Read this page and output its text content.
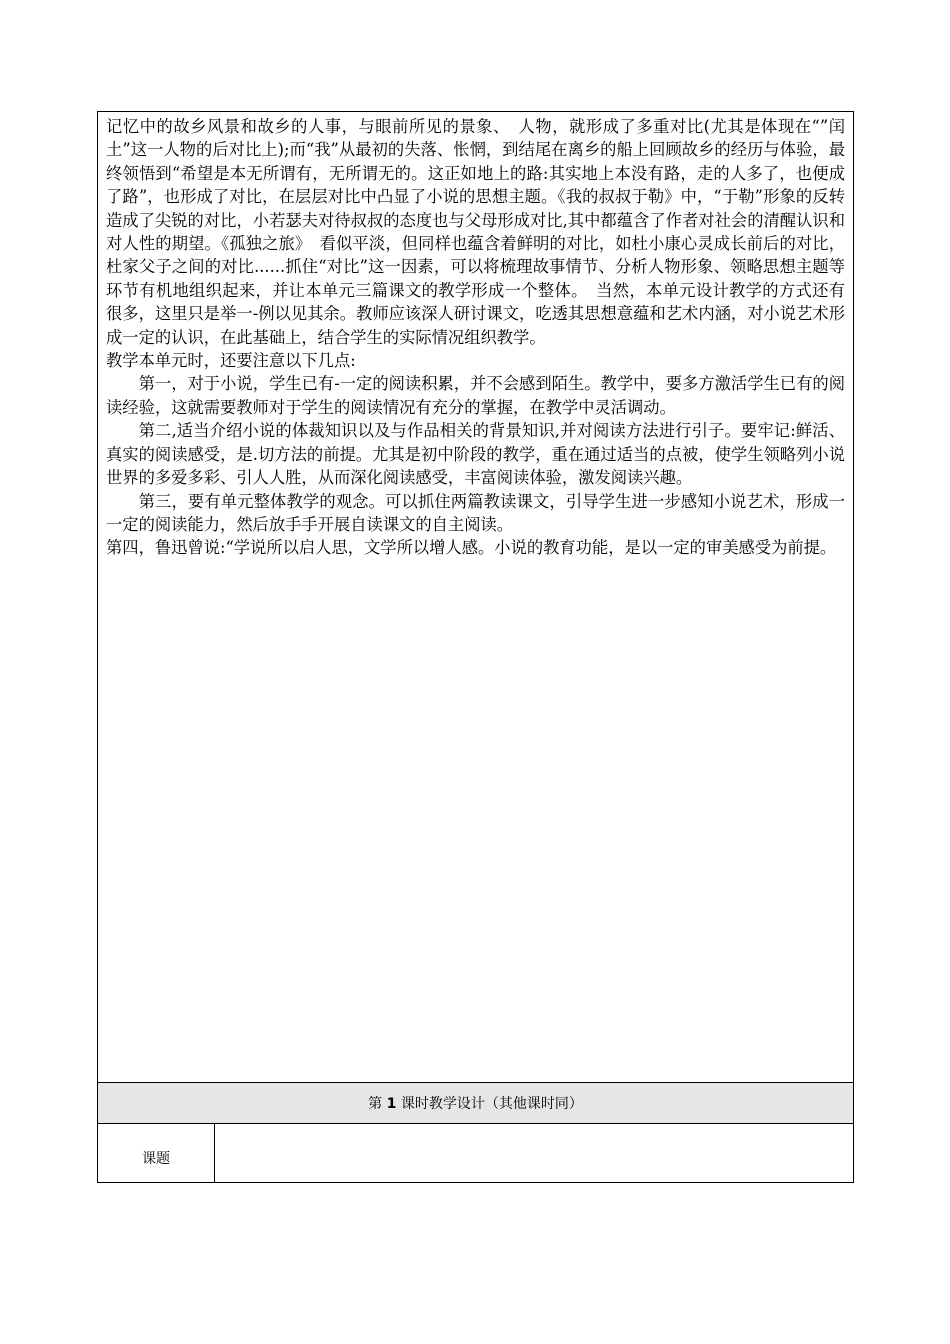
记忆中的故乡风景和故乡的人事，与眼前所见的景象、　人物，就形成了多重对比(尤其是体现在“”闰土”这一人物的后对比上);而“我”从最初的失落、怅惘，到结尾在离乡的船上回顾故乡的经历与体验，最终领悟到“希望是本无所谓有，无所谓无的。这正如地上的路:其实地上本没有路，走的人多了，也便成了路”，也形成了对比，在层层对比中凸显了小说的思想主题。《我的叔叔于勒》中，“于勒”形象的反转造成了尖锐的对比，小若瑟夫对待叔叔的态度也与父母形成对比,其中都蕴含了作者对社会的清醒认识和对人性的期望。《孤独之旅》　看似平淡，但同样也蕴含着鲜明的对比，如杜小康心灵成长前后的对比，杜家父子之间的对比......抓住“对比”这一因素，可以将梳理故事情节、分析人物形象、领略思想主题等环节有机地组织起来，并让本单元三篇课文的教学形成一个整体。　当然，本单元设计教学的方式还有很多，这里只是举一-例以见其余。教师应该深人研讨课文，吃透其思想意蕴和艺术内涵，对小说艺术形成一定的认识，在此基础上，结合学生的实际情况组织教学。

教学本单元时，还要注意以下几点:

第一，对于小说，学生已有-一定的阅读积累，并不会感到陌生。教学中，要多方激活学生已有的阅读经验，这就需要教师对于学生的阅读情况有充分的掌握，在教学中灵活调动。

第二,适当介绍小说的体裁知识以及与作品相关的背景知识,并对阅读方法进行引子。要牢记:鲜活、真实的阅读感受，是.切方法的前提。尤其是初中阶段的教学，重在通过适当的点被，使学生领略列小说世界的多爱多彩、引人人胜，从而深化阅读感受，丰富阅读体验，激发阅读兴趣。

第三，要有单元整体教学的观念。可以抓住两篇教读课文，引导学生进一步感知小说艺术，形成一一定的阅读能力，然后放手手开展自读课文的自主阅读。

第四，鲁迅曾说:“学说所以启人思，文学所以增人感。小说的教育功能，是以一定的审美感受为前提。

第 1 课时教学设计（其他课时同）
课题	
